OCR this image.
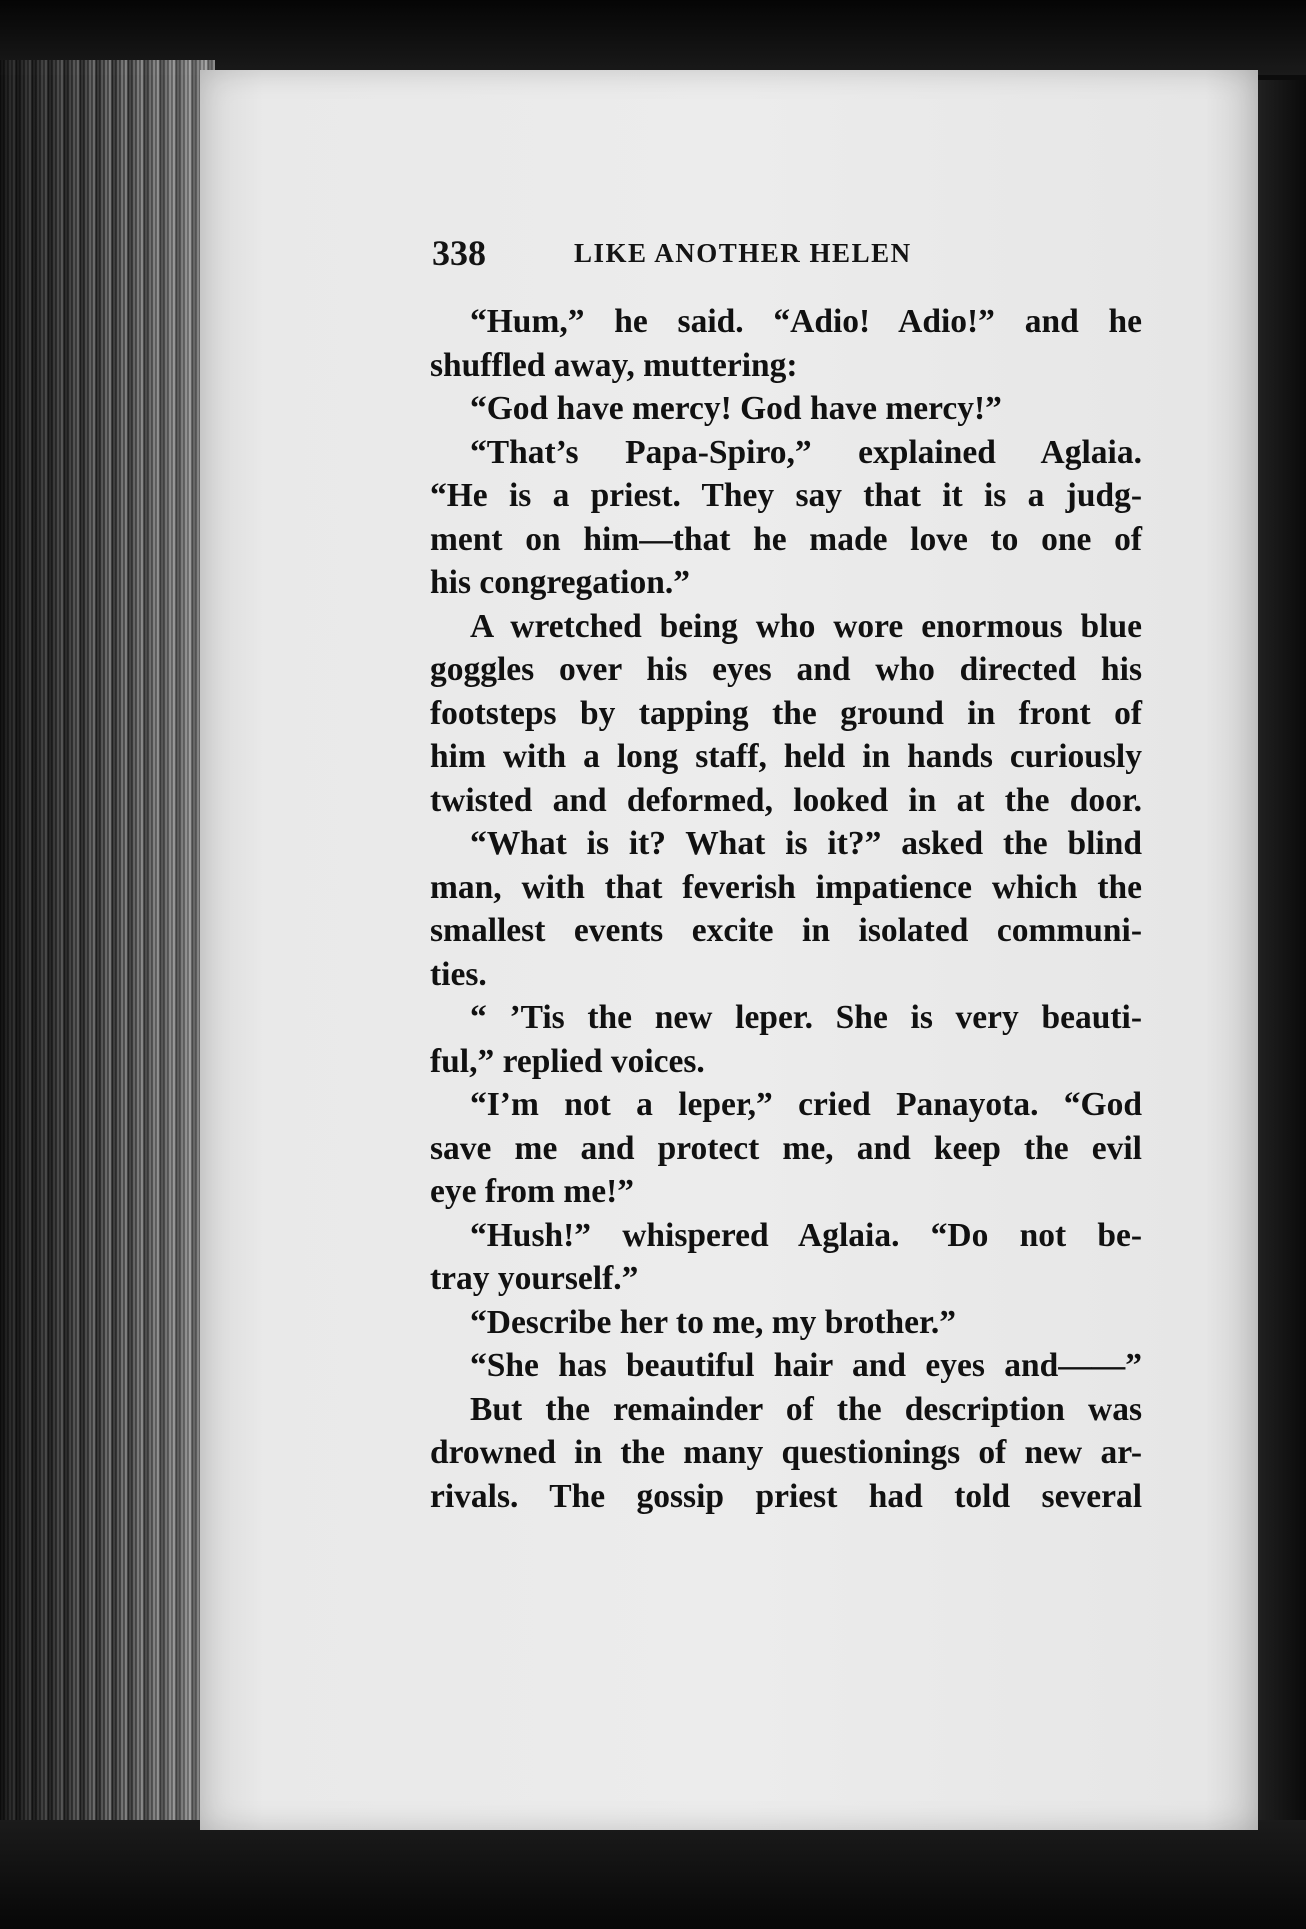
338	LIKE ANOTHER HELEN
“Hum,” he said. “Adio! Adio!” and he
shuffled away, muttering:
“God have mercy! God have mercy!”
“That’s Papa-Spiro,” explained Aglaia.
“He is a priest. They say that it is a judg-
ment on him—that he made love to one of
his congregation.”
A wretched being who wore enormous blue
goggles over his eyes and who directed his
footsteps by tapping the ground in front of
him with a long staff, held in hands curiously
twisted and deformed, looked in at the door.
“What is it? What is it?” asked the blind
man, with that feverish impatience which the
smallest events excite in isolated communi-
ties.
“ ’Tis the new leper. She is very beauti-
ful,” replied voices.
“I’m not a leper,” cried Panayota. “God
save me and protect me, and keep the evil
eye from me!”
“Hush!” whispered Aglaia. “Do not be-
tray yourself.”
“Describe her to me, my brother.”
“She has beautiful hair and eyes and——”
But the remainder of the description was
drowned in the many questionings of new ar-
rivals. The gossip priest had told several
